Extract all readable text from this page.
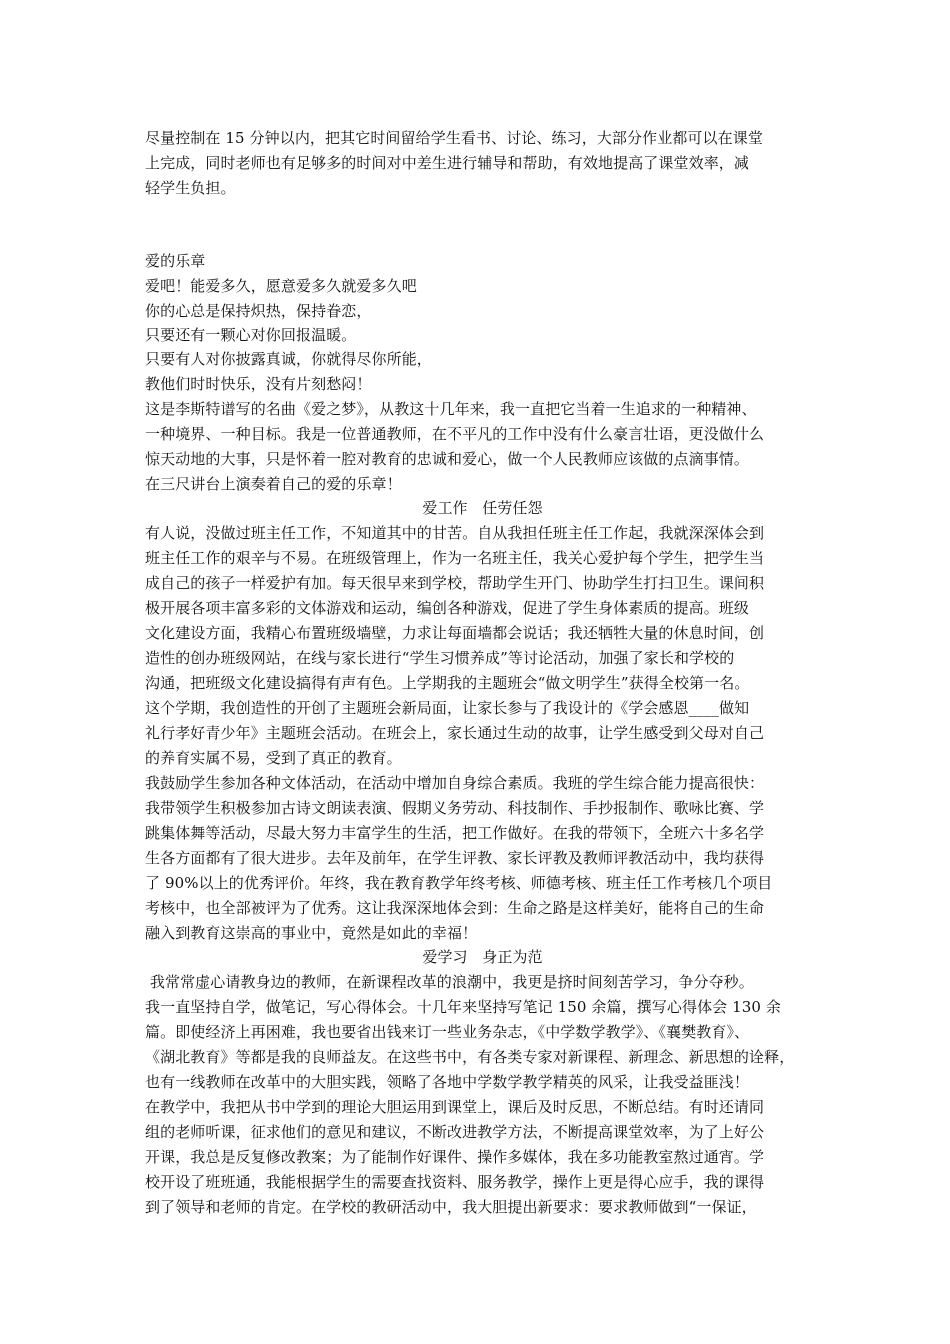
尽量控制在 15 分钟以内，把其它时间留给学生看书、讨论、练习，大部分作业都可以在课堂
上完成，同时老师也有足够多的时间对中差生进行辅导和帮助，有效地提高了课堂效率，减
轻学生负担。
爱的乐章
爱吧！能爱多久，愿意爱多久就爱多久吧
你的心总是保持炽热，保持眷恋，
只要还有一颗心对你回报温暖。
只要有人对你披露真诚，你就得尽你所能，
教他们时时快乐，没有片刻愁闷！
这是李斯特谱写的名曲《爱之梦》，从教这十几年来，我一直把它当着一生追求的一种精神、
一种境界、一种目标。我是一位普通教师，在不平凡的工作中没有什么豪言壮语，更没做什么
惊天动地的大事，只是怀着一腔对教育的忠诚和爱心，做一个人民教师应该做的点滴事情。
在三尺讲台上演奏着自己的爱的乐章！
爱工作   任劳任怨
有人说，没做过班主任工作，不知道其中的甘苦。自从我担任班主任工作起，我就深深体会到
班主任工作的艰辛与不易。在班级管理上，作为一名班主任，我关心爱护每个学生，把学生当
成自己的孩子一样爱护有加。每天很早来到学校，帮助学生开门、协助学生打扫卫生。课间积
极开展各项丰富多彩的文体游戏和运动，编创各种游戏，促进了学生身体素质的提高。班级
文化建设方面，我精心布置班级墙壁，力求让每面墙都会说话；我还牺牲大量的休息时间，创
造性的创办班级网站，在线与家长进行“学生习惯养成”等讨论活动，加强了家长和学校的
沟通，把班级文化建设搞得有声有色。上学期我的主题班会“做文明学生”获得全校第一名。
这个学期，我创造性的开创了主题班会新局面，让家长参与了我设计的《学会感恩____做知
礼行孝好青少年》主题班会活动。在班会上，家长通过生动的故事，让学生感受到父母对自己
的养育实属不易，受到了真正的教育。
我鼓励学生参加各种文体活动，在活动中增加自身综合素质。我班的学生综合能力提高很快：
我带领学生积极参加古诗文朗读表演、假期义务劳动、科技制作、手抄报制作、歌咏比赛、学
跳集体舞等活动，尽最大努力丰富学生的生活，把工作做好。在我的带领下，全班六十多名学
生各方面都有了很大进步。去年及前年，在学生评教、家长评教及教师评教活动中，我均获得
了 90%以上的优秀评价。年终，我在教育教学年终考核、师德考核、班主任工作考核几个项目
考核中，也全部被评为了优秀。这让我深深地体会到：生命之路是这样美好，能将自己的生命
融入到教育这崇高的事业中，竟然是如此的幸福！
爱学习   身正为范
我常常虚心请教身边的教师，在新课程改革的浪潮中，我更是挤时间刻苦学习，争分夺秒。
我一直坚持自学，做笔记，写心得体会。十几年来坚持写笔记 150 余篇，撰写心得体会 130 余
篇。即使经济上再困难，我也要省出钱来订一些业务杂志，《中学数学教学》、《襄樊教育》、
《湖北教育》等都是我的良师益友。在这些书中，有各类专家对新课程、新理念、新思想的诠释，
也有一线教师在改革中的大胆实践，领略了各地中学数学教学精英的风采，让我受益匪浅！
在教学中，我把从书中学到的理论大胆运用到课堂上，课后及时反思，不断总结。有时还请同
组的老师听课，征求他们的意见和建议，不断改进教学方法，不断提高课堂效率，为了上好公
开课，我总是反复修改教案；为了能制作好课件、操作多媒体，我在多功能教室熬过通宵。学
校开设了班班通，我能根据学生的需要查找资料、服务教学，操作上更是得心应手，我的课得
到了领导和老师的肯定。在学校的教研活动中，我大胆提出新要求：要求教师做到“一保证，
